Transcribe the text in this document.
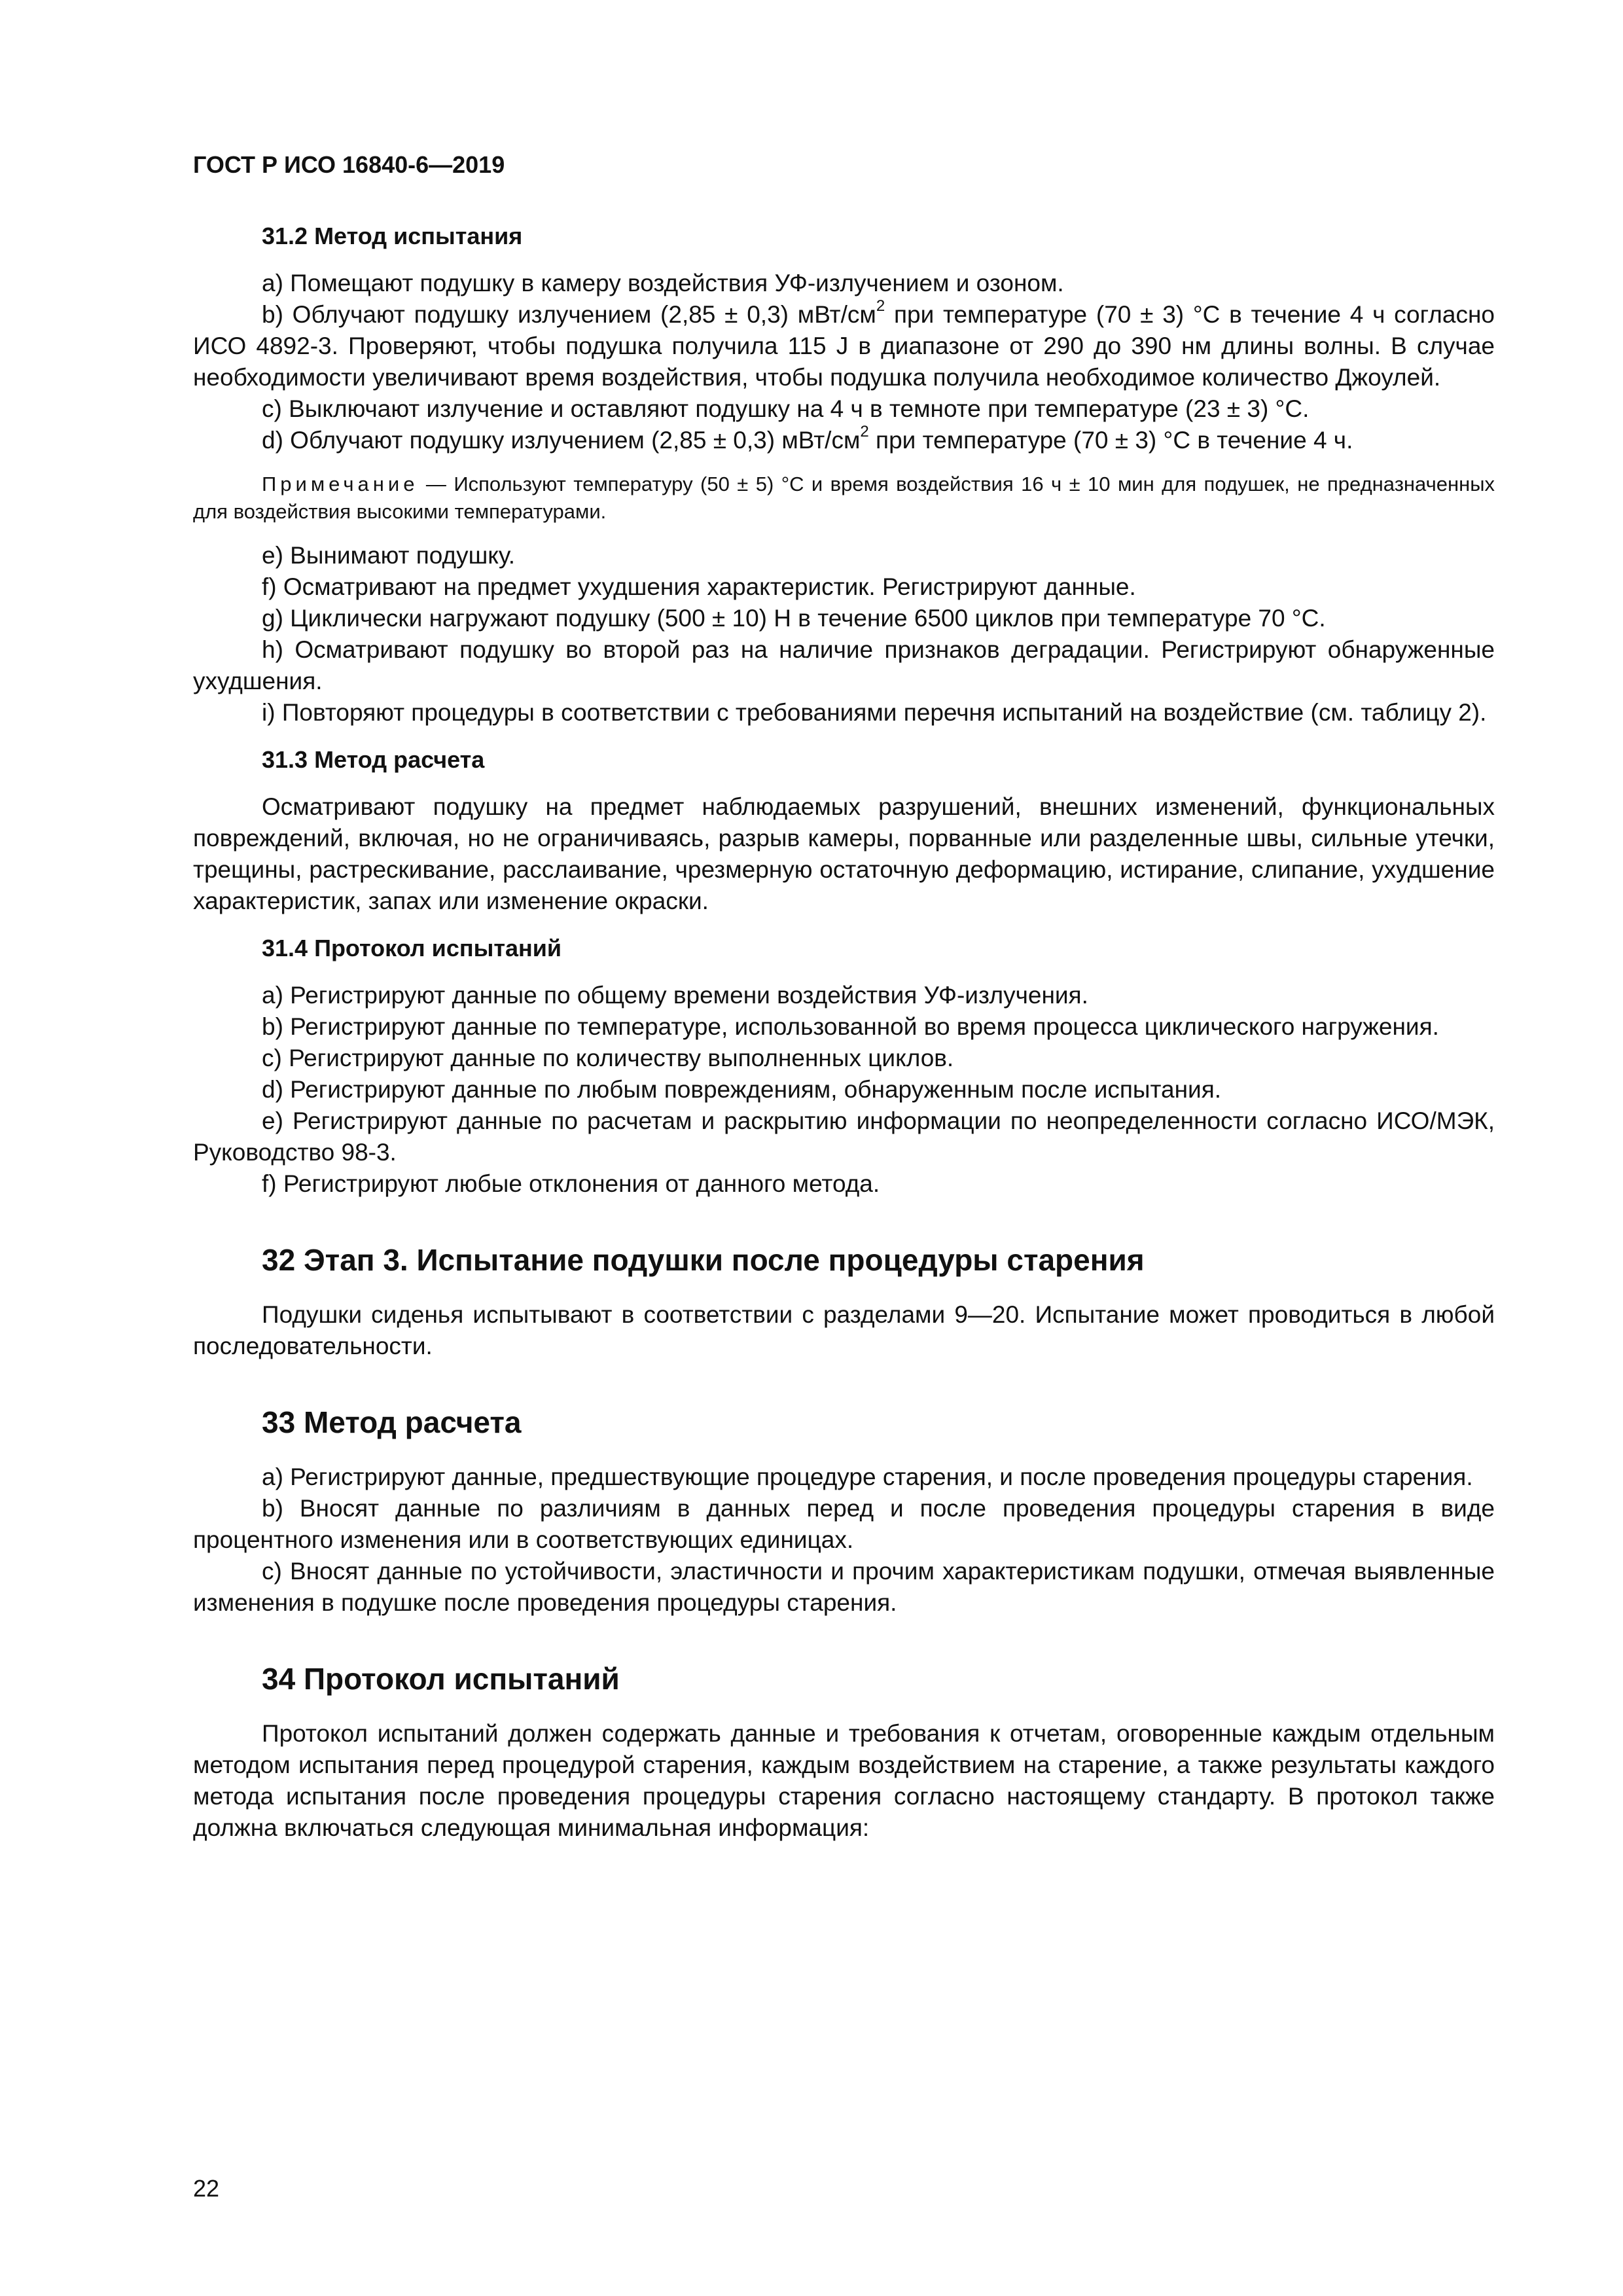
ГОСТ Р ИСО 16840-6—2019

31.2 Метод испытания

a) Помещают подушку в камеру воздействия УФ-излучением и озоном.

b) Облучают подушку излучением (2,85 ± 0,3) мВт/$см^2$ при температуре (70 ± 3) °С в течение 4 ч согласно ИСО 4892-3. Проверяют, чтобы подушка получила 115 J в диапазоне от 290 до 390 нм длины волны. В случае необходимости увеличивают время воздействия, чтобы подушка получила необходимое количество Джоулей.

c) Выключают излучение и оставляют подушку на 4 ч в темноте при температуре (23 ± 3) °С.

d) Облучают подушку излучением (2,85 ± 0,3) мВт/$см^2$ при температуре (70 ± 3) °С в течение 4 ч.

Примечание — Используют температуру (50 ± 5) °С и время воздействия 16 ч ± 10 мин для подушек, не предназначенных для воздействия высокими температурами.

e) Вынимают подушку.

f) Осматривают на предмет ухудшения характеристик. Регистрируют данные.

g) Циклически нагружают подушку (500 ± 10) Н в течение 6500 циклов при температуре 70 °С.

h) Осматривают подушку во второй раз на наличие признаков деградации. Регистрируют обнаруженные ухудшения.

i) Повторяют процедуры в соответствии с требованиями перечня испытаний на воздействие (см. таблицу 2).

31.3 Метод расчета

Осматривают подушку на предмет наблюдаемых разрушений, внешних изменений, функциональных повреждений, включая, но не ограничиваясь, разрыв камеры, порванные или разделенные швы, сильные утечки, трещины, растрескивание, расслаивание, чрезмерную остаточную деформацию, истирание, слипание, ухудшение характеристик, запах или изменение окраски.

31.4 Протокол испытаний

a) Регистрируют данные по общему времени воздействия УФ-излучения.

b) Регистрируют данные по температуре, использованной во время процесса циклического нагружения.

c) Регистрируют данные по количеству выполненных циклов.

d) Регистрируют данные по любым повреждениям, обнаруженным после испытания.

e) Регистрируют данные по расчетам и раскрытию информации по неопределенности согласно ИСО/МЭК, Руководство 98-3.

f) Регистрируют любые отклонения от данного метода.

32 Этап 3. Испытание подушки после процедуры старения

Подушки сиденья испытывают в соответствии с разделами 9—20. Испытание может проводиться в любой последовательности.

33 Метод расчета

a) Регистрируют данные, предшествующие процедуре старения, и после проведения процедуры старения.

b) Вносят данные по различиям в данных перед и после проведения процедуры старения в виде процентного изменения или в соответствующих единицах.

c) Вносят данные по устойчивости, эластичности и прочим характеристикам подушки, отмечая выявленные изменения в подушке после проведения процедуры старения.

34 Протокол испытаний

Протокол испытаний должен содержать данные и требования к отчетам, оговоренные каждым отдельным методом испытания перед процедурой старения, каждым воздействием на старение, а также результаты каждого метода испытания после проведения процедуры старения согласно настоящему стандарту. В протокол также должна включаться следующая минимальная информация:

22
